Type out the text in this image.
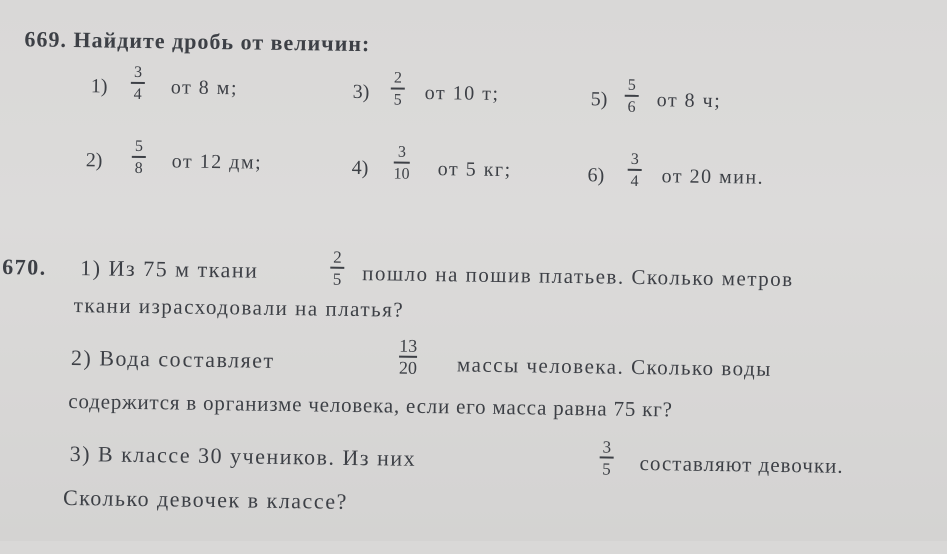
669. Найдите дробь от величин:
1)
3
4 от 8 м;
2)
5
8 от 12 дм;
3)
2
5 от 10 т;
4)
3
10 от 5 кг;
5)
5
6 от 8 ч;
6)
3
4 от 20 мин.
670. 1) Из 75 м ткани	2
5 пошло на пошив платьев. Сколько метров
ткани израсходовали на платья?
2) Вода составляет	13
20 массы человека. Сколько воды
содержится в организме человека, если его масса равна 75 кг?
3) В классе 30 учеников. Из них	3
5 составляют девочки.
Сколько девочек в классе?
